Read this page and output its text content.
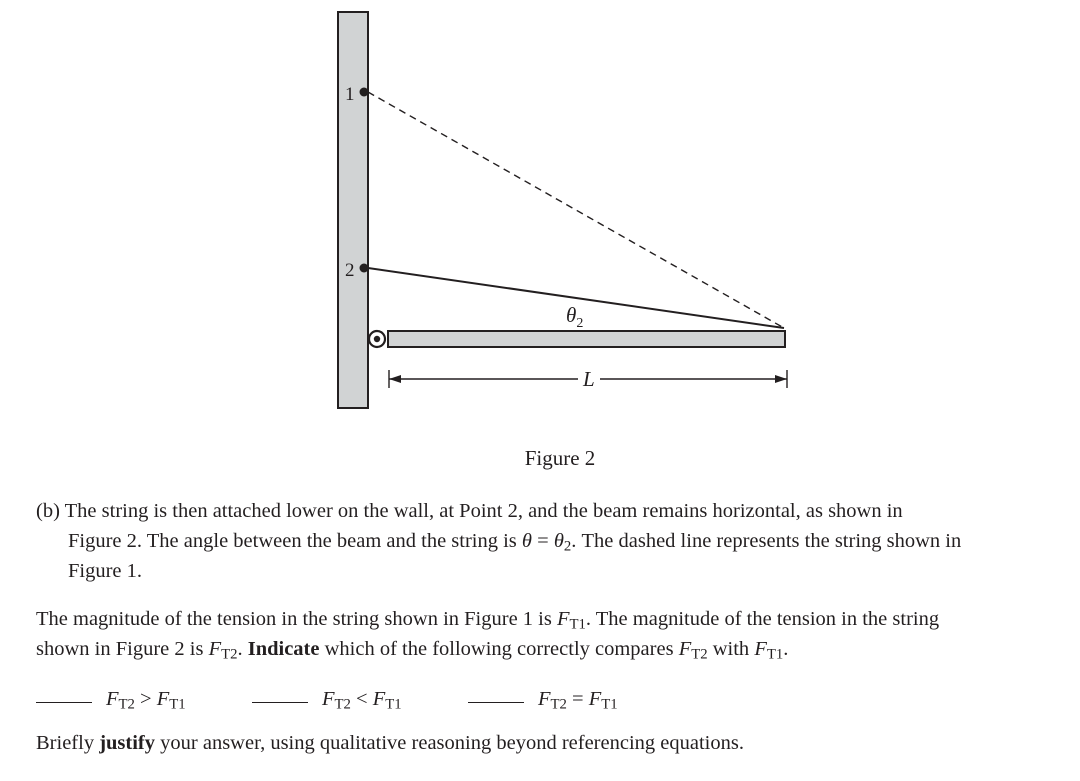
1
2
$\theta_2$
L
Figure 2
(b) The string is then attached lower on the wall, at Point 2, and the beam remains horizontal, as shown in
Figure 2. The angle between the beam and the string is $\theta = \theta_2$. The dashed line represents the string shown in
Figure 1.
The magnitude of the tension in the string shown in Figure 1 is $F_{T1}$. The magnitude of the tension in the string
shown in Figure 2 is $F_{T2}$. Indicate which of the following correctly compares $F_{T2}$ with $F_{T1}$.
$F_{T2} > F_{T1}$	$F_{T2} < F_{T1}$	$F_{T2} = F_{T1}$
Briefly justify your answer, using qualitative reasoning beyond referencing equations.
